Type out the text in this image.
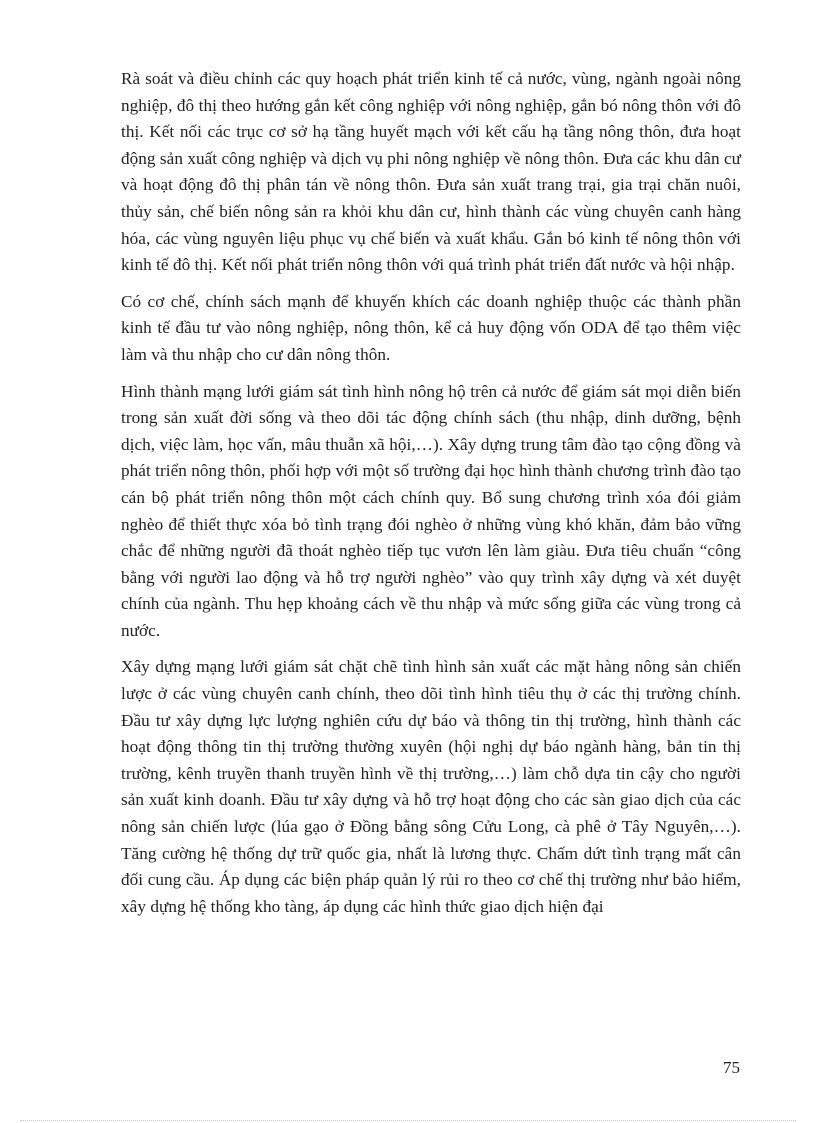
Rà soát và điều chỉnh các quy hoạch phát triển kinh tế cả nước, vùng, ngành ngoài nông nghiệp, đô thị theo hướng gắn kết công nghiệp với nông nghiệp, gắn bó nông thôn với đô thị. Kết nối các trục cơ sở hạ tầng huyết mạch với kết cấu hạ tầng nông thôn, đưa hoạt động sản xuất công nghiệp và dịch vụ phi nông nghiệp về nông thôn. Đưa các khu dân cư và hoạt động đô thị phân tán về nông thôn. Đưa sản xuất trang trại, gia trại chăn nuôi, thủy sản, chế biến nông sản ra khỏi khu dân cư, hình thành các vùng chuyên canh hàng hóa, các vùng nguyên liệu phục vụ chế biến và xuất khẩu. Gắn bó kinh tế nông thôn với kinh tế đô thị. Kết nối phát triển nông thôn với quá trình phát triển đất nước và hội nhập.

Có cơ chế, chính sách mạnh để khuyến khích các doanh nghiệp thuộc các thành phần kinh tế đầu tư vào nông nghiệp, nông thôn, kể cả huy động vốn ODA để tạo thêm việc làm và thu nhập cho cư dân nông thôn.

Hình thành mạng lưới giám sát tình hình nông hộ trên cả nước để giám sát mọi diễn biến trong sản xuất đời sống và theo dõi tác động chính sách (thu nhập, dinh dưỡng, bệnh dịch, việc làm, học vấn, mâu thuẫn xã hội,…). Xây dựng trung tâm đào tạo cộng đồng và phát triển nông thôn, phối hợp với một số trường đại học hình thành chương trình đào tạo cán bộ phát triển nông thôn một cách chính quy. Bổ sung chương trình xóa đói giảm nghèo để thiết thực xóa bỏ tình trạng đói nghèo ở những vùng khó khăn, đảm bảo vững chắc để những người đã thoát nghèo tiếp tục vươn lên làm giàu. Đưa tiêu chuẩn “công bằng với người lao động và hỗ trợ người nghèo” vào quy trình xây dựng và xét duyệt chính của ngành. Thu hẹp khoảng cách về thu nhập và mức sống giữa các vùng trong cả nước.

Xây dựng mạng lưới giám sát chặt chẽ tình hình sản xuất các mặt hàng nông sản chiến lược ở các vùng chuyên canh chính, theo dõi tình hình tiêu thụ ở các thị trường chính. Đầu tư xây dựng lực lượng nghiên cứu dự báo và thông tin thị trường, hình thành các hoạt động thông tin thị trường thường xuyên (hội nghị dự báo ngành hàng, bản tin thị trường, kênh truyền thanh truyền hình về thị trường,…) làm chỗ dựa tin cậy cho người sản xuất kinh doanh. Đầu tư xây dựng và hỗ trợ hoạt động cho các sàn giao dịch của các nông sản chiến lược (lúa gạo ở Đồng bằng sông Cửu Long, cà phê ở Tây Nguyên,…). Tăng cường hệ thống dự trữ quốc gia, nhất là lương thực. Chấm dứt tình trạng mất cân đối cung cầu. Áp dụng các biện pháp quản lý rủi ro theo cơ chế thị trường như bảo hiểm, xây dựng hệ thống kho tàng, áp dụng các hình thức giao dịch hiện đại

75
